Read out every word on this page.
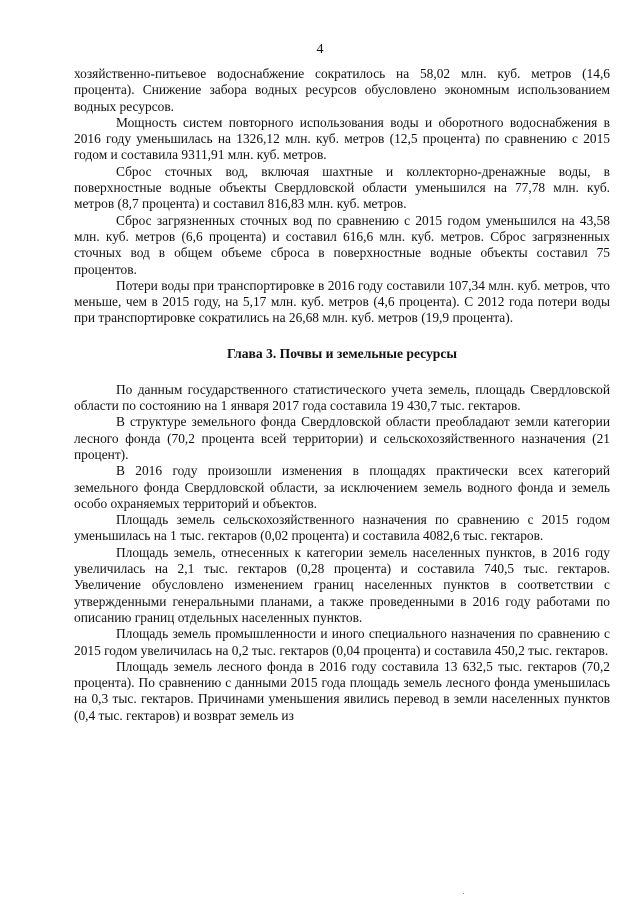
4

хозяйственно-питьевое водоснабжение сократилось на 58,02 млн. куб. метров (14,6 процента). Снижение забора водных ресурсов обусловлено экономным использованием водных ресурсов.

Мощность систем повторного использования воды и оборотного водоснабжения в 2016 году уменьшилась на 1326,12 млн. куб. метров (12,5 процента) по сравнению с 2015 годом и составила 9311,91 млн. куб. метров.

Сброс сточных вод, включая шахтные и коллекторно-дренажные воды, в поверхностные водные объекты Свердловской области уменьшился на 77,78 млн. куб. метров (8,7 процента) и составил 816,83 млн. куб. метров.

Сброс загрязненных сточных вод по сравнению с 2015 годом уменьшился на 43,58 млн. куб. метров (6,6 процента) и составил 616,6 млн. куб. метров. Сброс загрязненных сточных вод в общем объеме сброса в поверхностные водные объекты составил 75 процентов.

Потери воды при транспортировке в 2016 году составили 107,34 млн. куб. метров, что меньше, чем в 2015 году, на 5,17 млн. куб. метров (4,6 процента). С 2012 года потери воды при транспортировке сократились на 26,68 млн. куб. метров (19,9 процента).

Глава 3. Почвы и земельные ресурсы

По данным государственного статистического учета земель, площадь Свердловской области по состоянию на 1 января 2017 года составила 19 430,7 тыс. гектаров.

В структуре земельного фонда Свердловской области преобладают земли категории лесного фонда (70,2 процента всей территории) и сельскохозяйственного назначения (21 процент).

В 2016 году произошли изменения в площадях практически всех категорий земельного фонда Свердловской области, за исключением земель водного фонда и земель особо охраняемых территорий и объектов.

Площадь земель сельскохозяйственного назначения по сравнению с 2015 годом уменьшилась на 1 тыс. гектаров (0,02 процента) и составила 4082,6 тыс. гектаров.

Площадь земель, отнесенных к категории земель населенных пунктов, в 2016 году увеличилась на 2,1 тыс. гектаров (0,28 процента) и составила 740,5 тыс. гектаров. Увеличение обусловлено изменением границ населенных пунктов в соответствии с утвержденными генеральными планами, а также проведенными в 2016 году работами по описанию границ отдельных населенных пунктов.

Площадь земель промышленности и иного специального назначения по сравнению с 2015 годом увеличилась на 0,2 тыс. гектаров (0,04 процента) и составила 450,2 тыс. гектаров.

Площадь земель лесного фонда в 2016 году составила 13 632,5 тыс. гектаров (70,2 процента). По сравнению с данными 2015 года площадь земель лесного фонда уменьшилась на 0,3 тыс. гектаров. Причинами уменьшения явились перевод в земли населенных пунктов (0,4 тыс. гектаров) и возврат земель из
